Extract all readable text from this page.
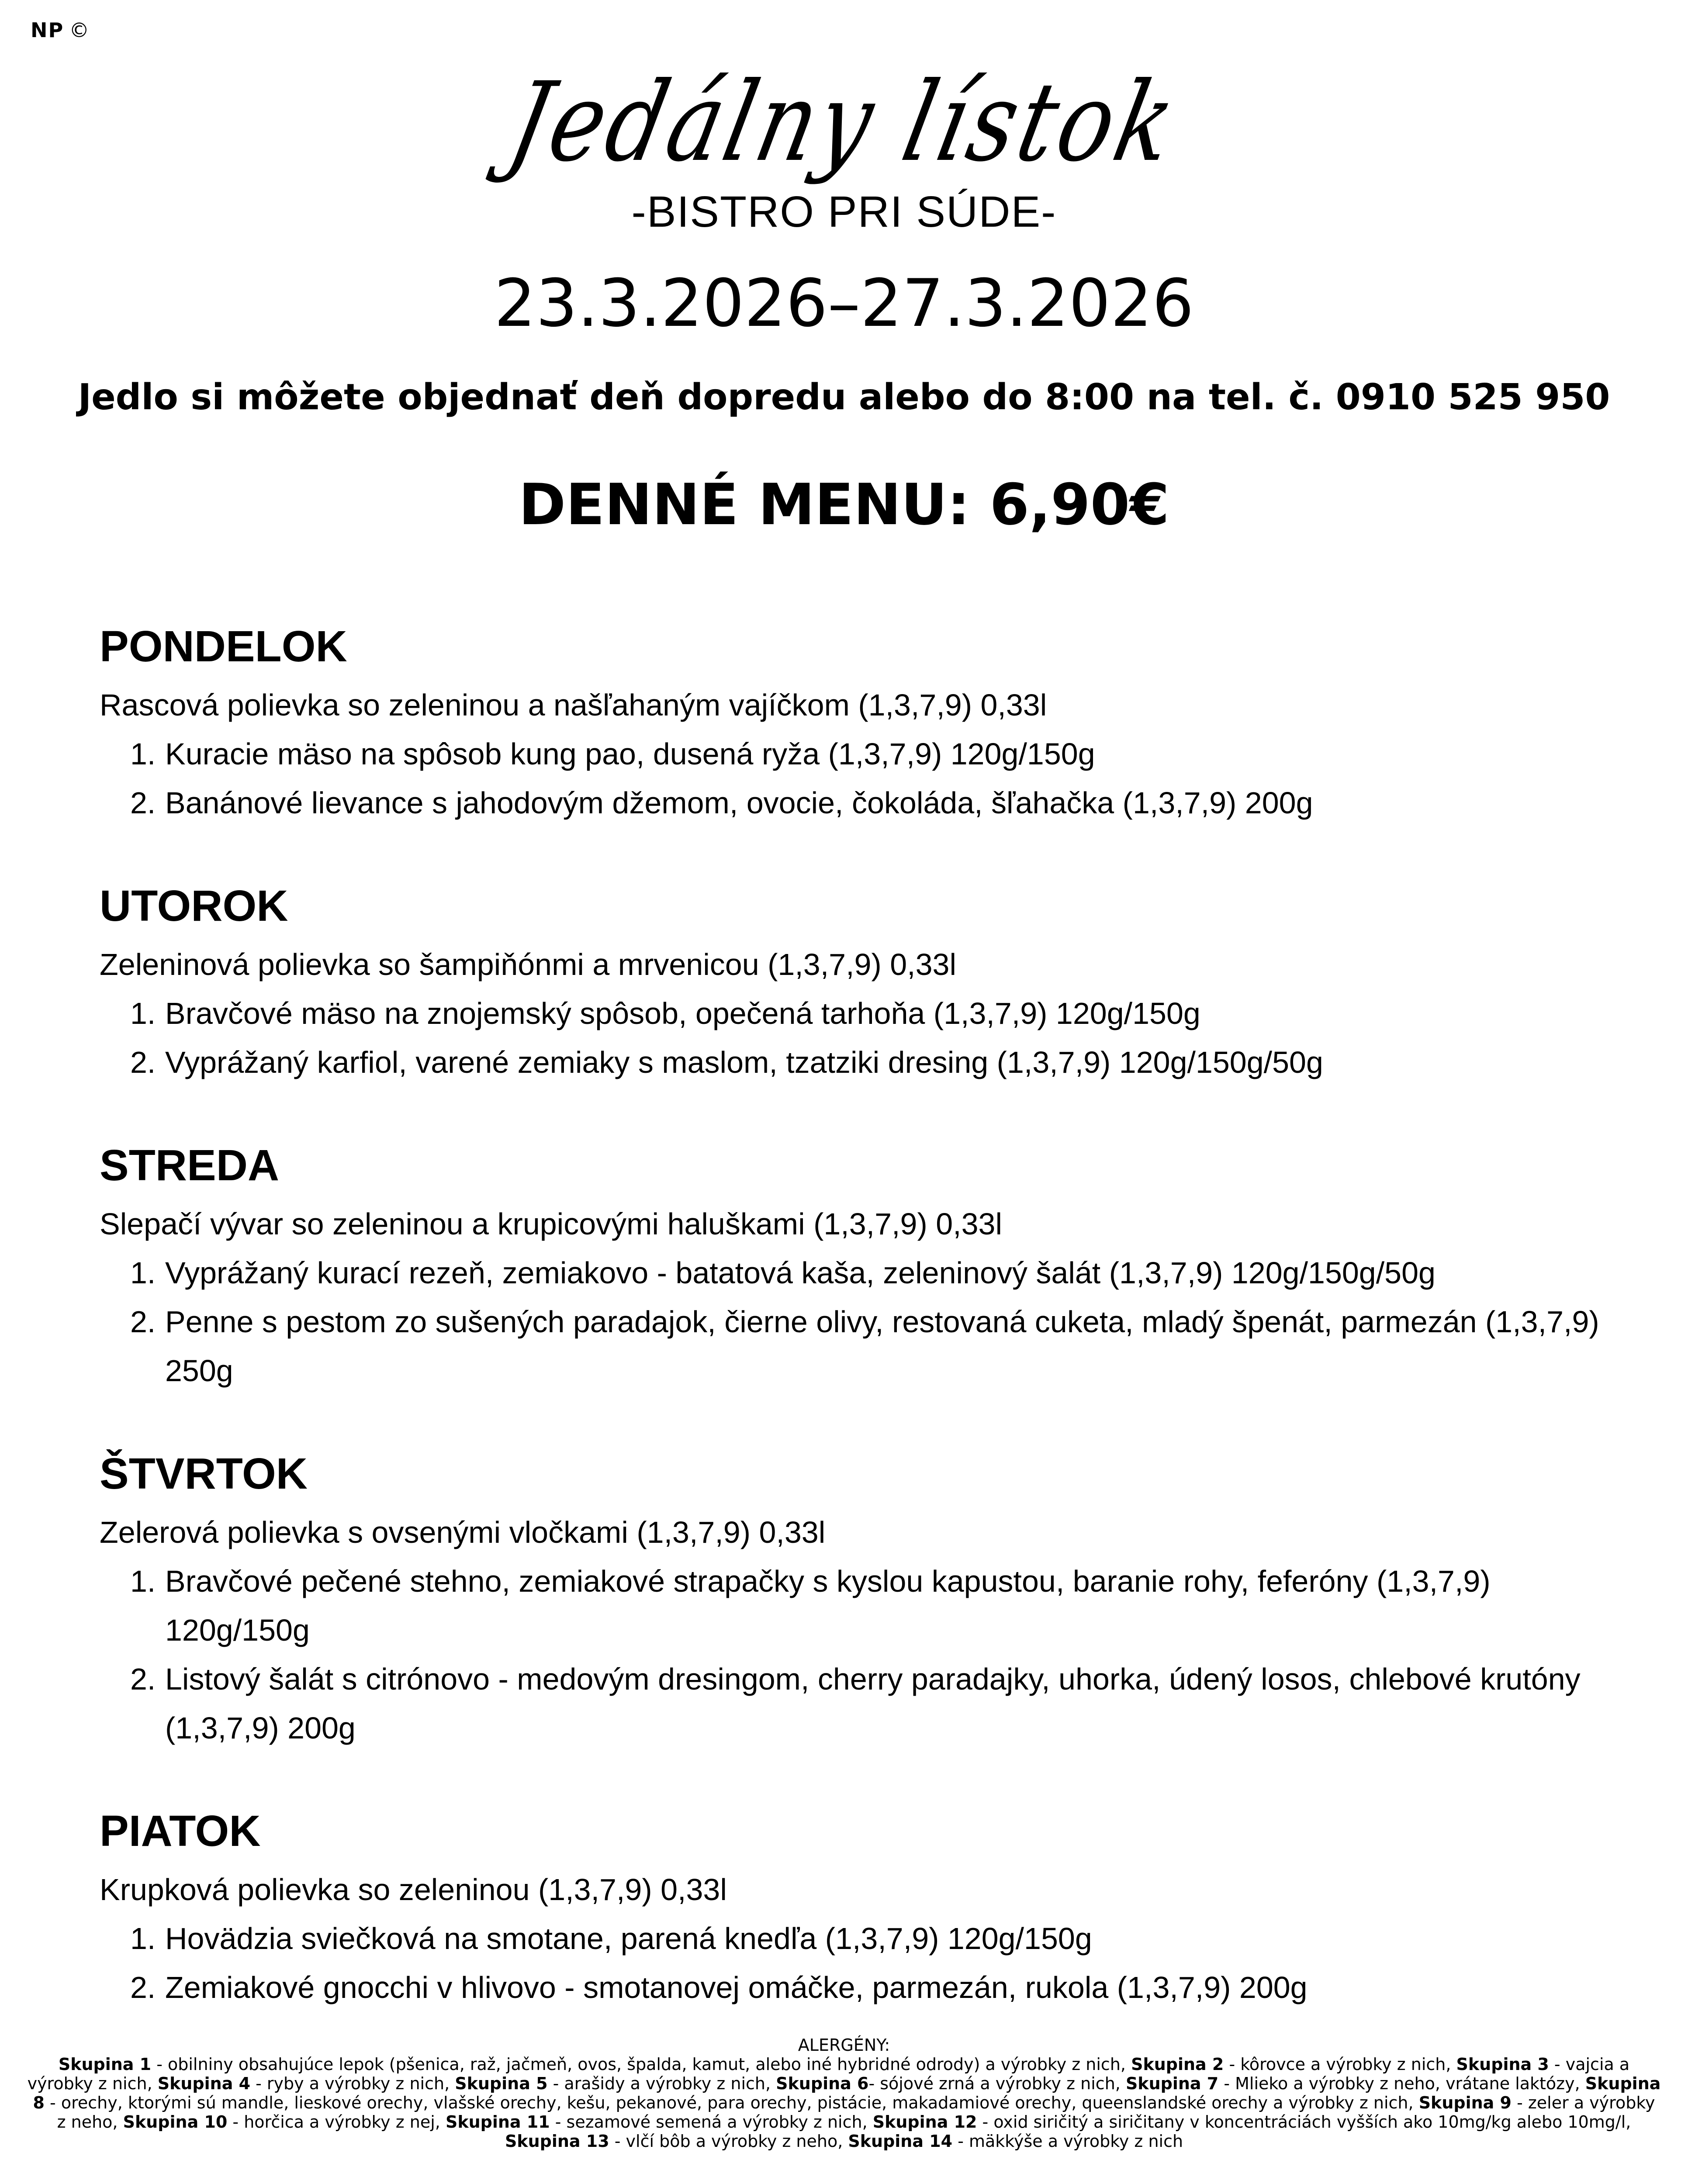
NP ©
Jedálny lístok
-BISTRO PRI SÚDE-
23.3.2026–27.3.2026
Jedlo si môžete objednať deň dopredu alebo do 8:00 na tel. č. 0910 525 950
DENNÉ MENU: 6,90€
PONDELOK
Rascová polievka so zeleninou a našľahaným vajíčkom (1,3,7,9) 0,33l
1. Kuracie mäso na spôsob kung pao, dusená ryža (1,3,7,9) 120g/150g
2. Banánové lievance s jahodovým džemom, ovocie, čokoláda, šľahačka (1,3,7,9) 200g
UTOROK
Zeleninová polievka so šampiňónmi a mrvenicou (1,3,7,9) 0,33l
1. Bravčové mäso na znojemský spôsob, opečená tarhoňa (1,3,7,9) 120g/150g
2. Vyprážaný karfiol, varené zemiaky s maslom, tzatziki dresing (1,3,7,9) 120g/150g/50g
STREDA
Slepačí vývar so zeleninou a krupicovými haluškami (1,3,7,9) 0,33l
1. Vyprážaný kurací rezeň, zemiakovo - batatová kaša, zeleninový šalát (1,3,7,9) 120g/150g/50g
2. Penne s pestom zo sušených paradajok, čierne olivy, restovaná cuketa, mladý špenát, parmezán (1,3,7,9) 250g
ŠTVRTOK
Zelerová polievka s ovsenými vločkami (1,3,7,9) 0,33l
1. Bravčové pečené stehno, zemiakové strapačky s kyslou kapustou, baranie rohy, feferóny (1,3,7,9) 120g/150g
2. Listový šalát s citrónovo - medovým dresingom, cherry paradajky, uhorka, údený losos, chlebové krutóny (1,3,7,9) 200g
PIATOK
Krupková polievka so zeleninou (1,3,7,9) 0,33l
1. Hovädzia sviečková na smotane, parená knedľa (1,3,7,9) 120g/150g
2. Zemiakové gnocchi v hlivovo - smotanovej omáčke, parmezán, rukola (1,3,7,9) 200g
ALERGÉNY:
Skupina 1 - obilniny obsahujúce lepok (pšenica, raž, jačmeň, ovos, špalda, kamut, alebo iné hybridné odrody) a výrobky z nich, Skupina 2 - kôrovce a výrobky z nich, Skupina 3 - vajcia a výrobky z nich, Skupina 4 - ryby a výrobky z nich, Skupina 5 - arašidy a výrobky z nich, Skupina 6- sójové zrná a výrobky z nich, Skupina 7 - Mlieko a výrobky z neho, vrátane laktózy, Skupina 8 - orechy, ktorými sú mandle, lieskové orechy, vlašské orechy, kešu, pekanové, para orechy, pistácie, makadamiové orechy, queenslandské orechy a výrobky z nich, Skupina 9 - zeler a výrobky z neho, Skupina 10 - horčica a výrobky z nej, Skupina 11 - sezamové semená a výrobky z nich, Skupina 12 - oxid siričitý a siričitany v koncentráciách vyšších ako 10mg/kg alebo 10mg/l, Skupina 13 - vlčí bôb a výrobky z neho, Skupina 14 - mäkkýše a výrobky z nich
